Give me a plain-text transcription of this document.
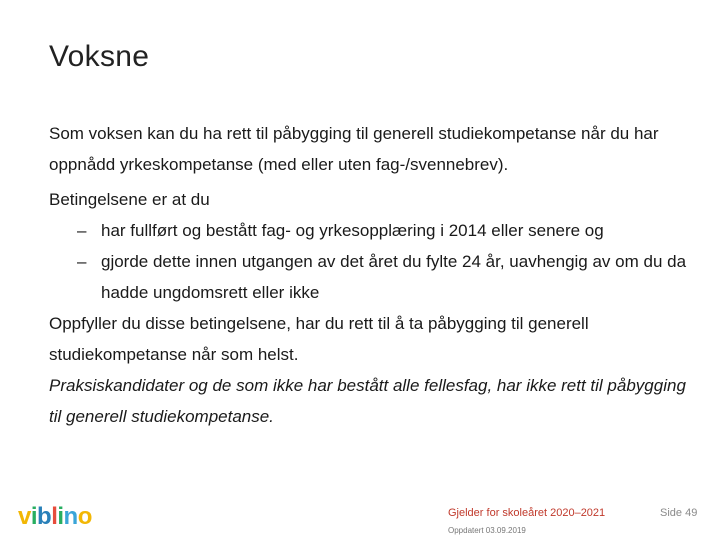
Voksne

Som voksen kan du ha rett til påbygging til generell studiekompetanse når du har oppnådd yrkeskompetanse (med eller uten fag-/svennebrev).

Betingelsene er at du

– har fullført og bestått fag- og yrkesopplæring i 2014 eller senere og
– gjorde dette innen utgangen av det året du fylte 24 år, uavhengig av om du da hadde ungdomsrett eller ikke

Oppfyller du disse betingelsene, har du rett til å ta påbygging til generell studiekompetanse når som helst.

Praksiskandidater og de som ikke har bestått alle fellesfag, har ikke rett til påbygging til generell studiekompetanse.

viblino	Gjelder for skoleåret 2020–2021
Oppdatert 03.09.2019
Side 49
